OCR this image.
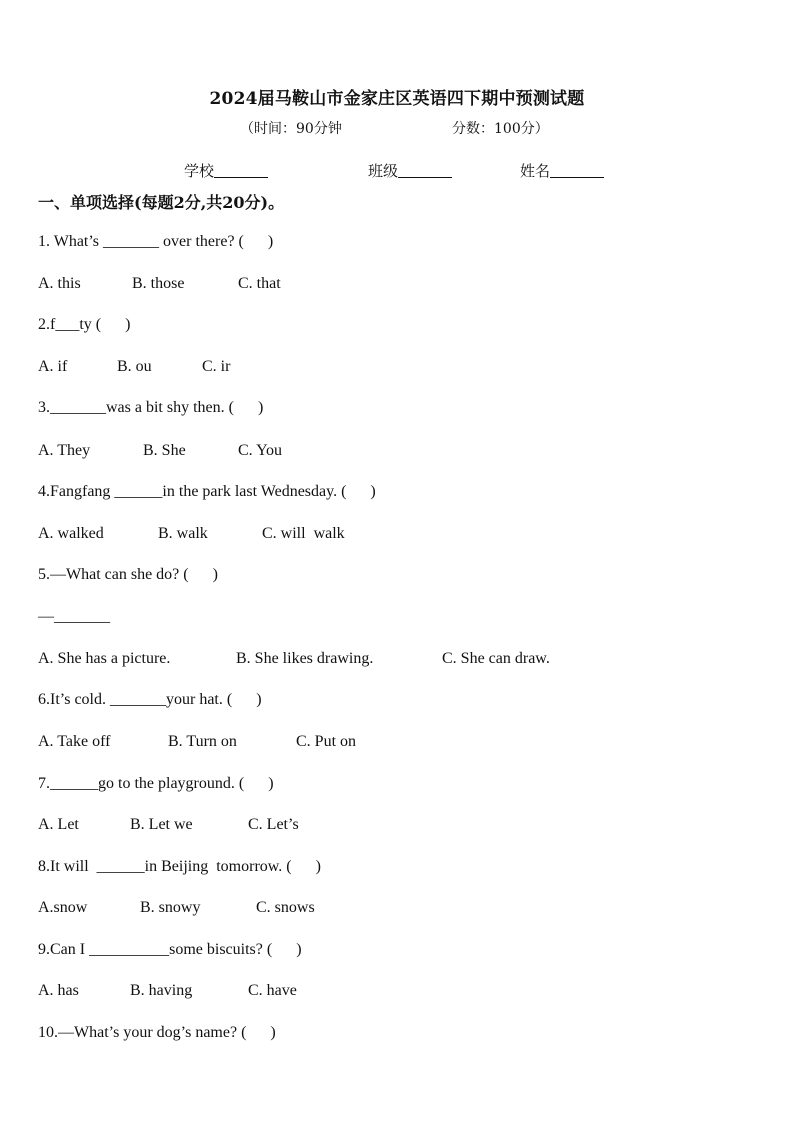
2024届马鞍山市金家庄区英语四下期中预测试题
（时间：90分钟	分数：100分）
学校	班级	姓名
一、单项选择(每题2分,共20分)。
1. What’s _______ over there? (      )
A. this	B. those	C. that
2.f___ty (      )
A. if	B. ou	C. ir
3._______was a bit shy then. (      )
A. They	B. She	C. You
4.Fangfang ______in the park last Wednesday. (      )
A. walked	B. walk	C. will  walk
5.—What can she do? (      )
—_______
A. She has a picture.	B. She likes drawing.	C. She can draw.
6.It’s cold. _______your hat. (      )
A. Take off	B. Turn on	C. Put on
7.______go to the playground. (      )
A. Let	B. Let we	C. Let’s
8.It will  ______in Beijing  tomorrow. (      )
A.snow	B. snowy	C. snows
9.Can I __________some biscuits? (      )
A. has	B. having	C. have
10.—What’s your dog’s name? (      )
